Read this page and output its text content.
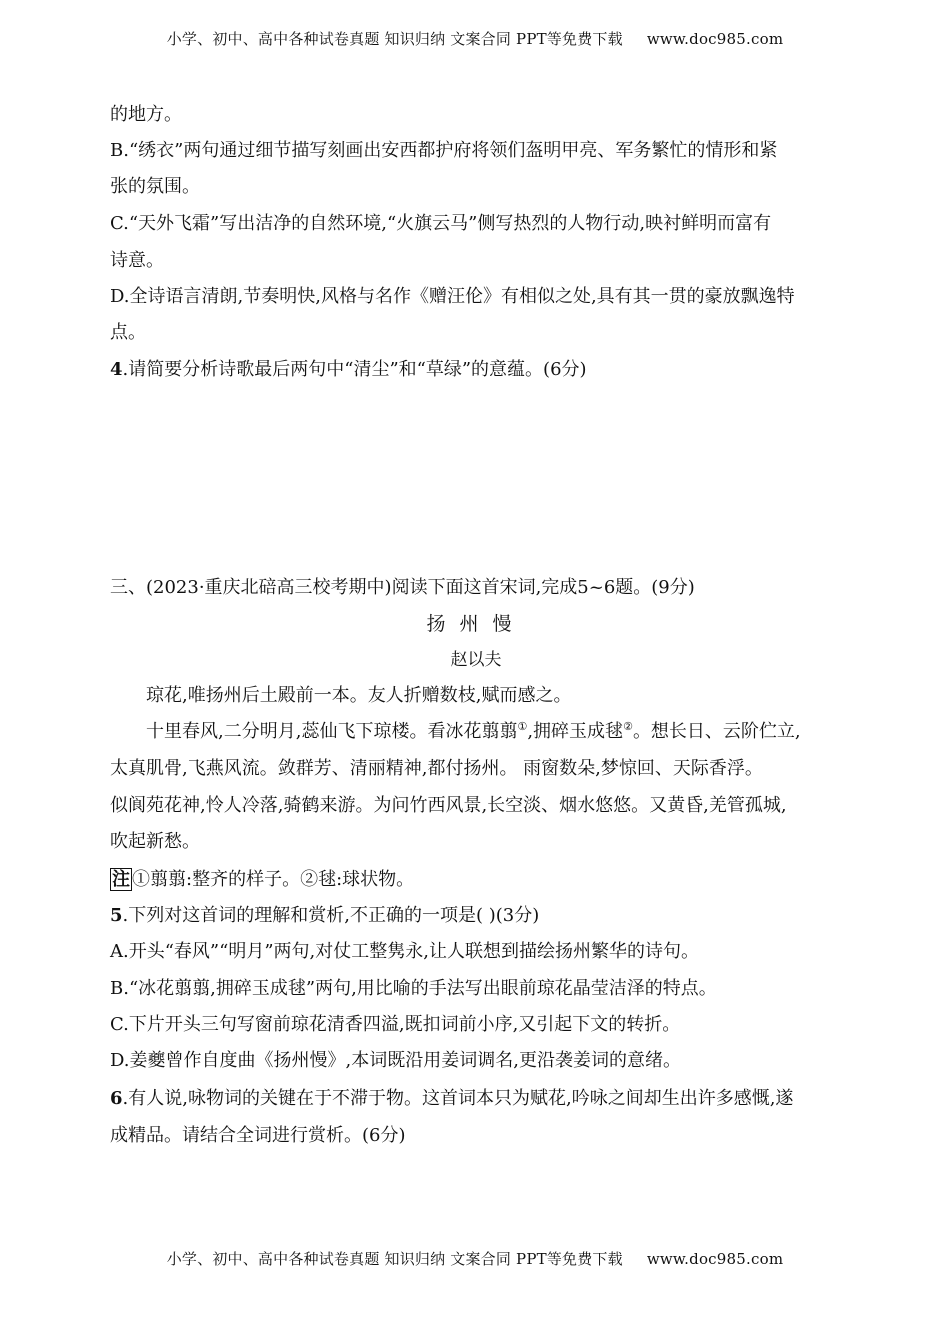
小学、初中、高中各种试卷真题 知识归纳 文案合同 PPT等免费下载 www.doc985.com
的地方。
B.“绣衣”两句通过细节描写刻画出安西都护府将领们盔明甲亮、军务繁忙的情形和紧
张的氛围。
C.“天外飞霜”写出洁净的自然环境,“火旗云马”侧写热烈的人物行动,映衬鲜明而富有
诗意。
D.全诗语言清朗,节奏明快,风格与名作《赠汪伦》有相似之处,具有其一贯的豪放飘逸特
点。
4.请简要分析诗歌最后两句中“清尘”和“草绿”的意蕴。(6分)
三、(2023·重庆北碚高三校考期中)阅读下面这首宋词,完成5~6题。(9分)
扬州慢
赵以夫
琼花,唯扬州后土殿前一本。友人折赠数枝,赋而感之。
十里春风,二分明月,蕊仙飞下琼楼。看冰花翦翦①,拥碎玉成毬②。想长日、云阶伫立,
太真肌骨,飞燕风流。敛群芳、清丽精神,都付扬州。 雨窗数朵,梦惊回、天际香浮。
似阆苑花神,怜人冷落,骑鹤来游。为问竹西风景,长空淡、烟水悠悠。又黄昏,羌管孤城,
吹起新愁。
注 ①翦翦:整齐的样子。②毬:球状物。
5.下列对这首词的理解和赏析,不正确的一项是( )(3分)
A.开头“春风”“明月”两句,对仗工整隽永,让人联想到描绘扬州繁华的诗句。
B.“冰花翦翦,拥碎玉成毬”两句,用比喻的手法写出眼前琼花晶莹洁泽的特点。
C.下片开头三句写窗前琼花清香四溢,既扣词前小序,又引起下文的转折。
D.姜夔曾作自度曲《扬州慢》,本词既沿用姜词调名,更沿袭姜词的意绪。
6.有人说,咏物词的关键在于不滞于物。这首词本只为赋花,吟咏之间却生出许多感慨,遂
成精品。请结合全词进行赏析。(6分)
小学、初中、高中各种试卷真题 知识归纳 文案合同 PPT等免费下载 www.doc985.com
